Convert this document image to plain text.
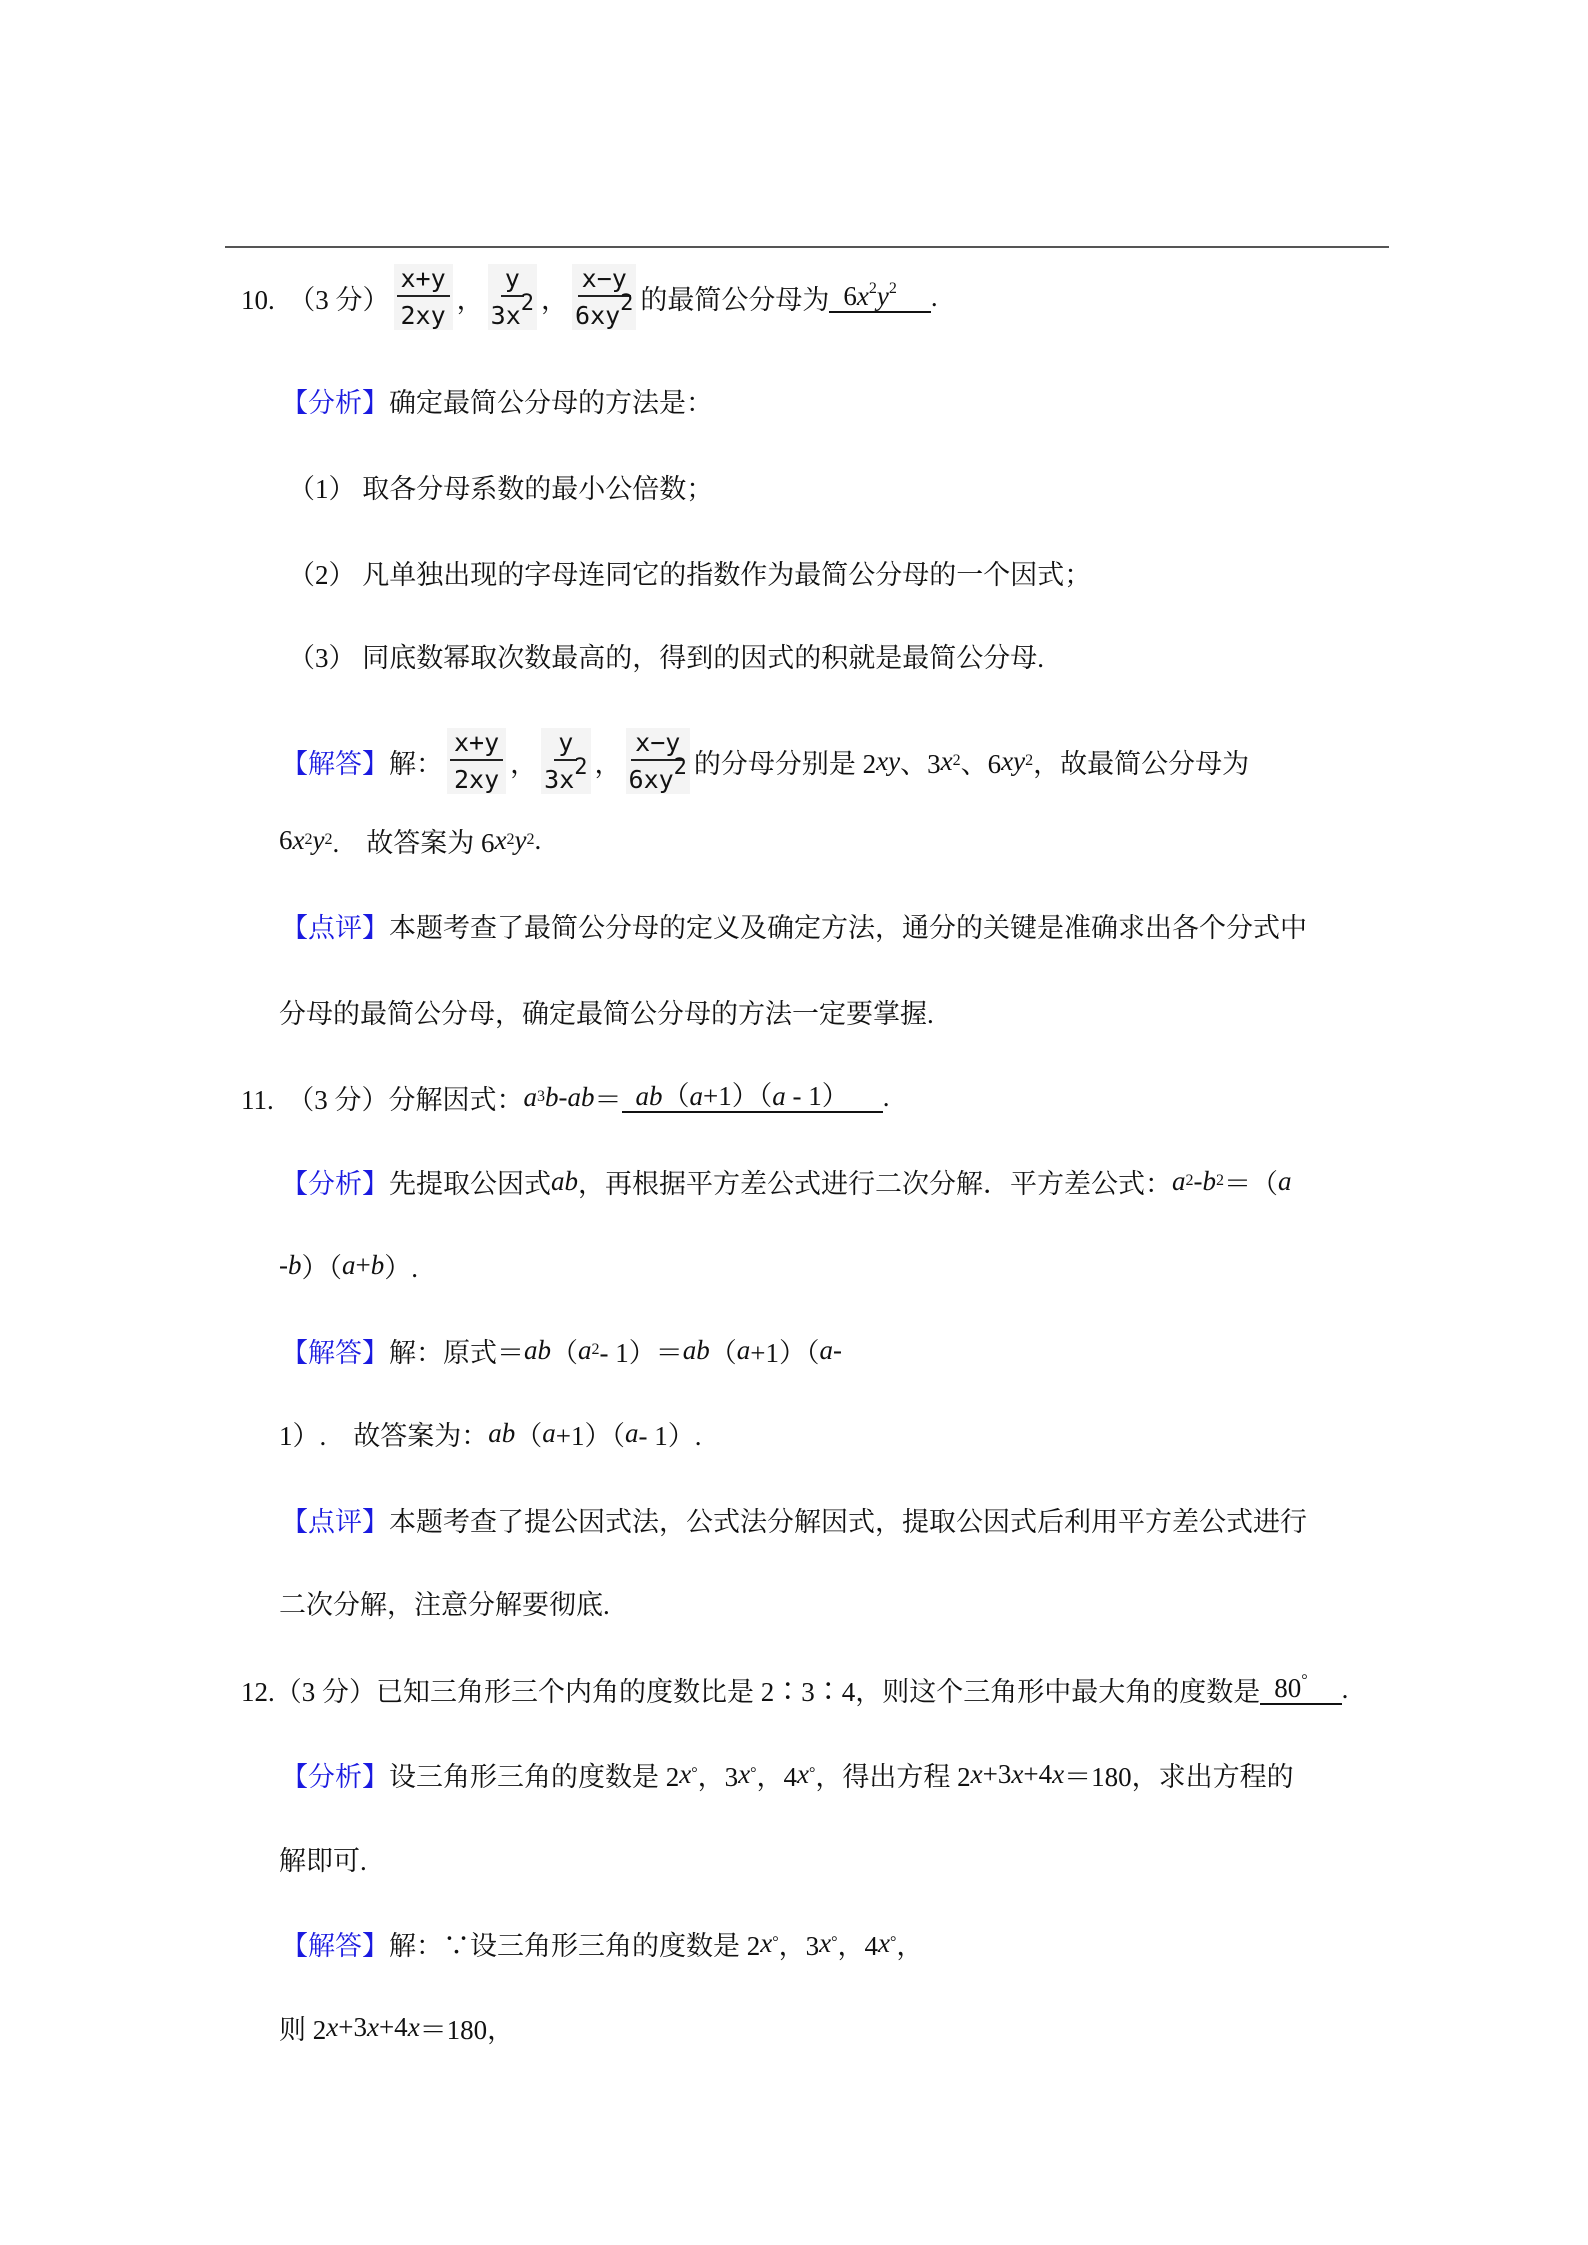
10.　（3 分） $\frac{x+y}{2xy}$ ， $\frac{y}{3x^2}$ ， $\frac{x-y}{6xy^2}$ 的最简公分母为 $6x^2y^2$	.
【分析】 确定最简公分母的方法是：
（1） 取各分母系数的最小公倍数；
（2） 凡单独出现的字母连同它的指数作为最简公分母的一个因式；
（3） 同底数幂取次数最高的，得到的因式的积就是最简公分母.
【解答】 解： $\frac{x+y}{2xy}$ ， $\frac{y}{3x^2}$ ， $\frac{x-y}{6xy^2}$ 的分母分别是 2 xy 、3 x 2 、6 xy 2 ，故最简公分母为
6 x 2 y 2 .　故答案为 6 x 2 y 2 .
【点评】 本题考查了最简公分母的定义及确定方法，通分的关键是准确求出各个分式中
分母的最简公分母，确定最简公分母的方法一定要掌握.
11.　（3 分）分解因式： a 3 b - ab ＝ ab（a+1）（a - 1）	.
【分析】 先提取公因式 ab ，再根据平方差公式进行二次分解．平方差公式： a 2 - b 2 ＝（ a
- b ）（ a + b ）.
【解答】 解：原式＝ ab （ a 2 - 1）＝ ab （ a +1）（ a -
1）.　故答案为： ab （ a +1）（ a - 1）.
【点评】 本题考查了提公因式法，公式法分解因式，提取公因式后利用平方差公式进行
二次分解，注意分解要彻底.
12.（3 分）已知三角形三个内角的度数比是 2∶3∶4，则这个三角形中最大角的度数是 80°	.
【分析】 设三角形三角的度数是 2 x ° ，3 x ° ，4 x ° ，得出方程 2 x +3 x +4 x ＝180，求出方程的
解即可.
【解答】 解：∵设三角形三角的度数是 2 x ° ，3 x ° ，4 x ° ，
则 2 x +3 x +4 x ＝180，
